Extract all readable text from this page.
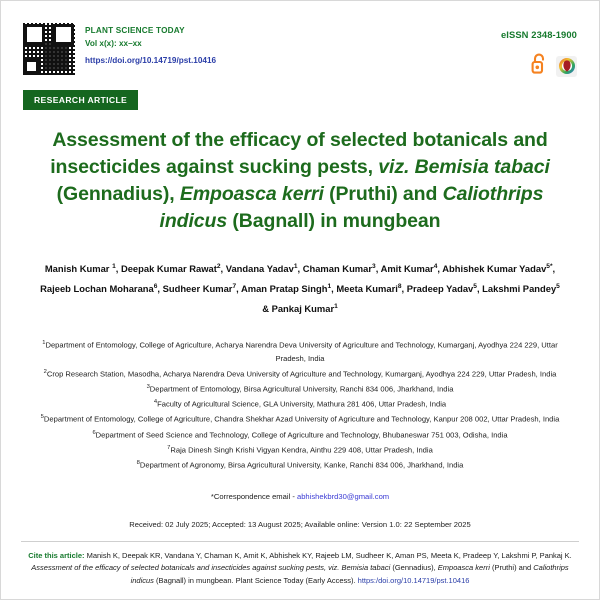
PLANT SCIENCE TODAY
Vol x(x): xx–xx
https://doi.org/10.14719/pst.10416
eISSN 2348-1900
RESEARCH ARTICLE
Assessment of the efficacy of selected botanicals and insecticides against sucking pests, viz. Bemisia tabaci (Gennadius), Empoasca kerri (Pruthi) and Caliothrips indicus (Bagnall) in mungbean
Manish Kumar $^1$, Deepak Kumar Rawat$^2$, Vandana Yadav$^1$, Chaman Kumar$^3$, Amit Kumar$^4$, Abhishek Kumar Yadav$^{5*}$, Rajeeb Lochan Moharana$^6$, Sudheer Kumar$^7$, Aman Pratap Singh$^1$, Meeta Kumari$^8$, Pradeep Yadav$^5$, Lakshmi Pandey$^5$ & Pankaj Kumar$^1$
$^1$Department of Entomology, College of Agriculture, Acharya Narendra Deva University of Agriculture and Technology, Kumarganj, Ayodhya 224 229, Uttar Pradesh, India
$^2$Crop Research Station, Masodha, Acharya Narendra Deva University of Agriculture and Technology, Kumarganj, Ayodhya 224 229, Uttar Pradesh, India
$^3$Department of Entomology, Birsa Agricultural University, Ranchi 834 006, Jharkhand, India
$^4$Faculty of Agricultural Science, GLA University, Mathura 281 406, Uttar Pradesh, India
$^5$Department of Entomology, College of Agriculture, Chandra Shekhar Azad University of Agriculture and Technology, Kanpur 208 002, Uttar Pradesh, India
$^6$Department of Seed Science and Technology, College of Agriculture and Technology, Bhubaneswar 751 003, Odisha, India
$^7$Raja Dinesh Singh Krishi Vigyan Kendra, Ainthu 229 408, Uttar Pradesh, India
$^8$Department of Agronomy, Birsa Agricultural University, Kanke, Ranchi 834 006, Jharkhand, India
*Correspondence email - abhishekbrd30@gmail.com
Received: 02 July 2025; Accepted: 13 August 2025; Available online: Version 1.0: 22 September 2025
Cite this article: Manish K, Deepak KR, Vandana Y, Chaman K, Amit K, Abhishek KY, Rajeeb LM, Sudheer K, Aman PS, Meeta K, Pradeep Y, Lakshmi P, Pankaj K. Assessment of the efficacy of selected botanicals and insecticides against sucking pests, viz. Bemisia tabaci (Gennadius), Empoasca kerri (Pruthi) and Caliothrips indicus (Bagnall) in mungbean. Plant Science Today (Early Access). https:/doi.org/10.14719/pst.10416
